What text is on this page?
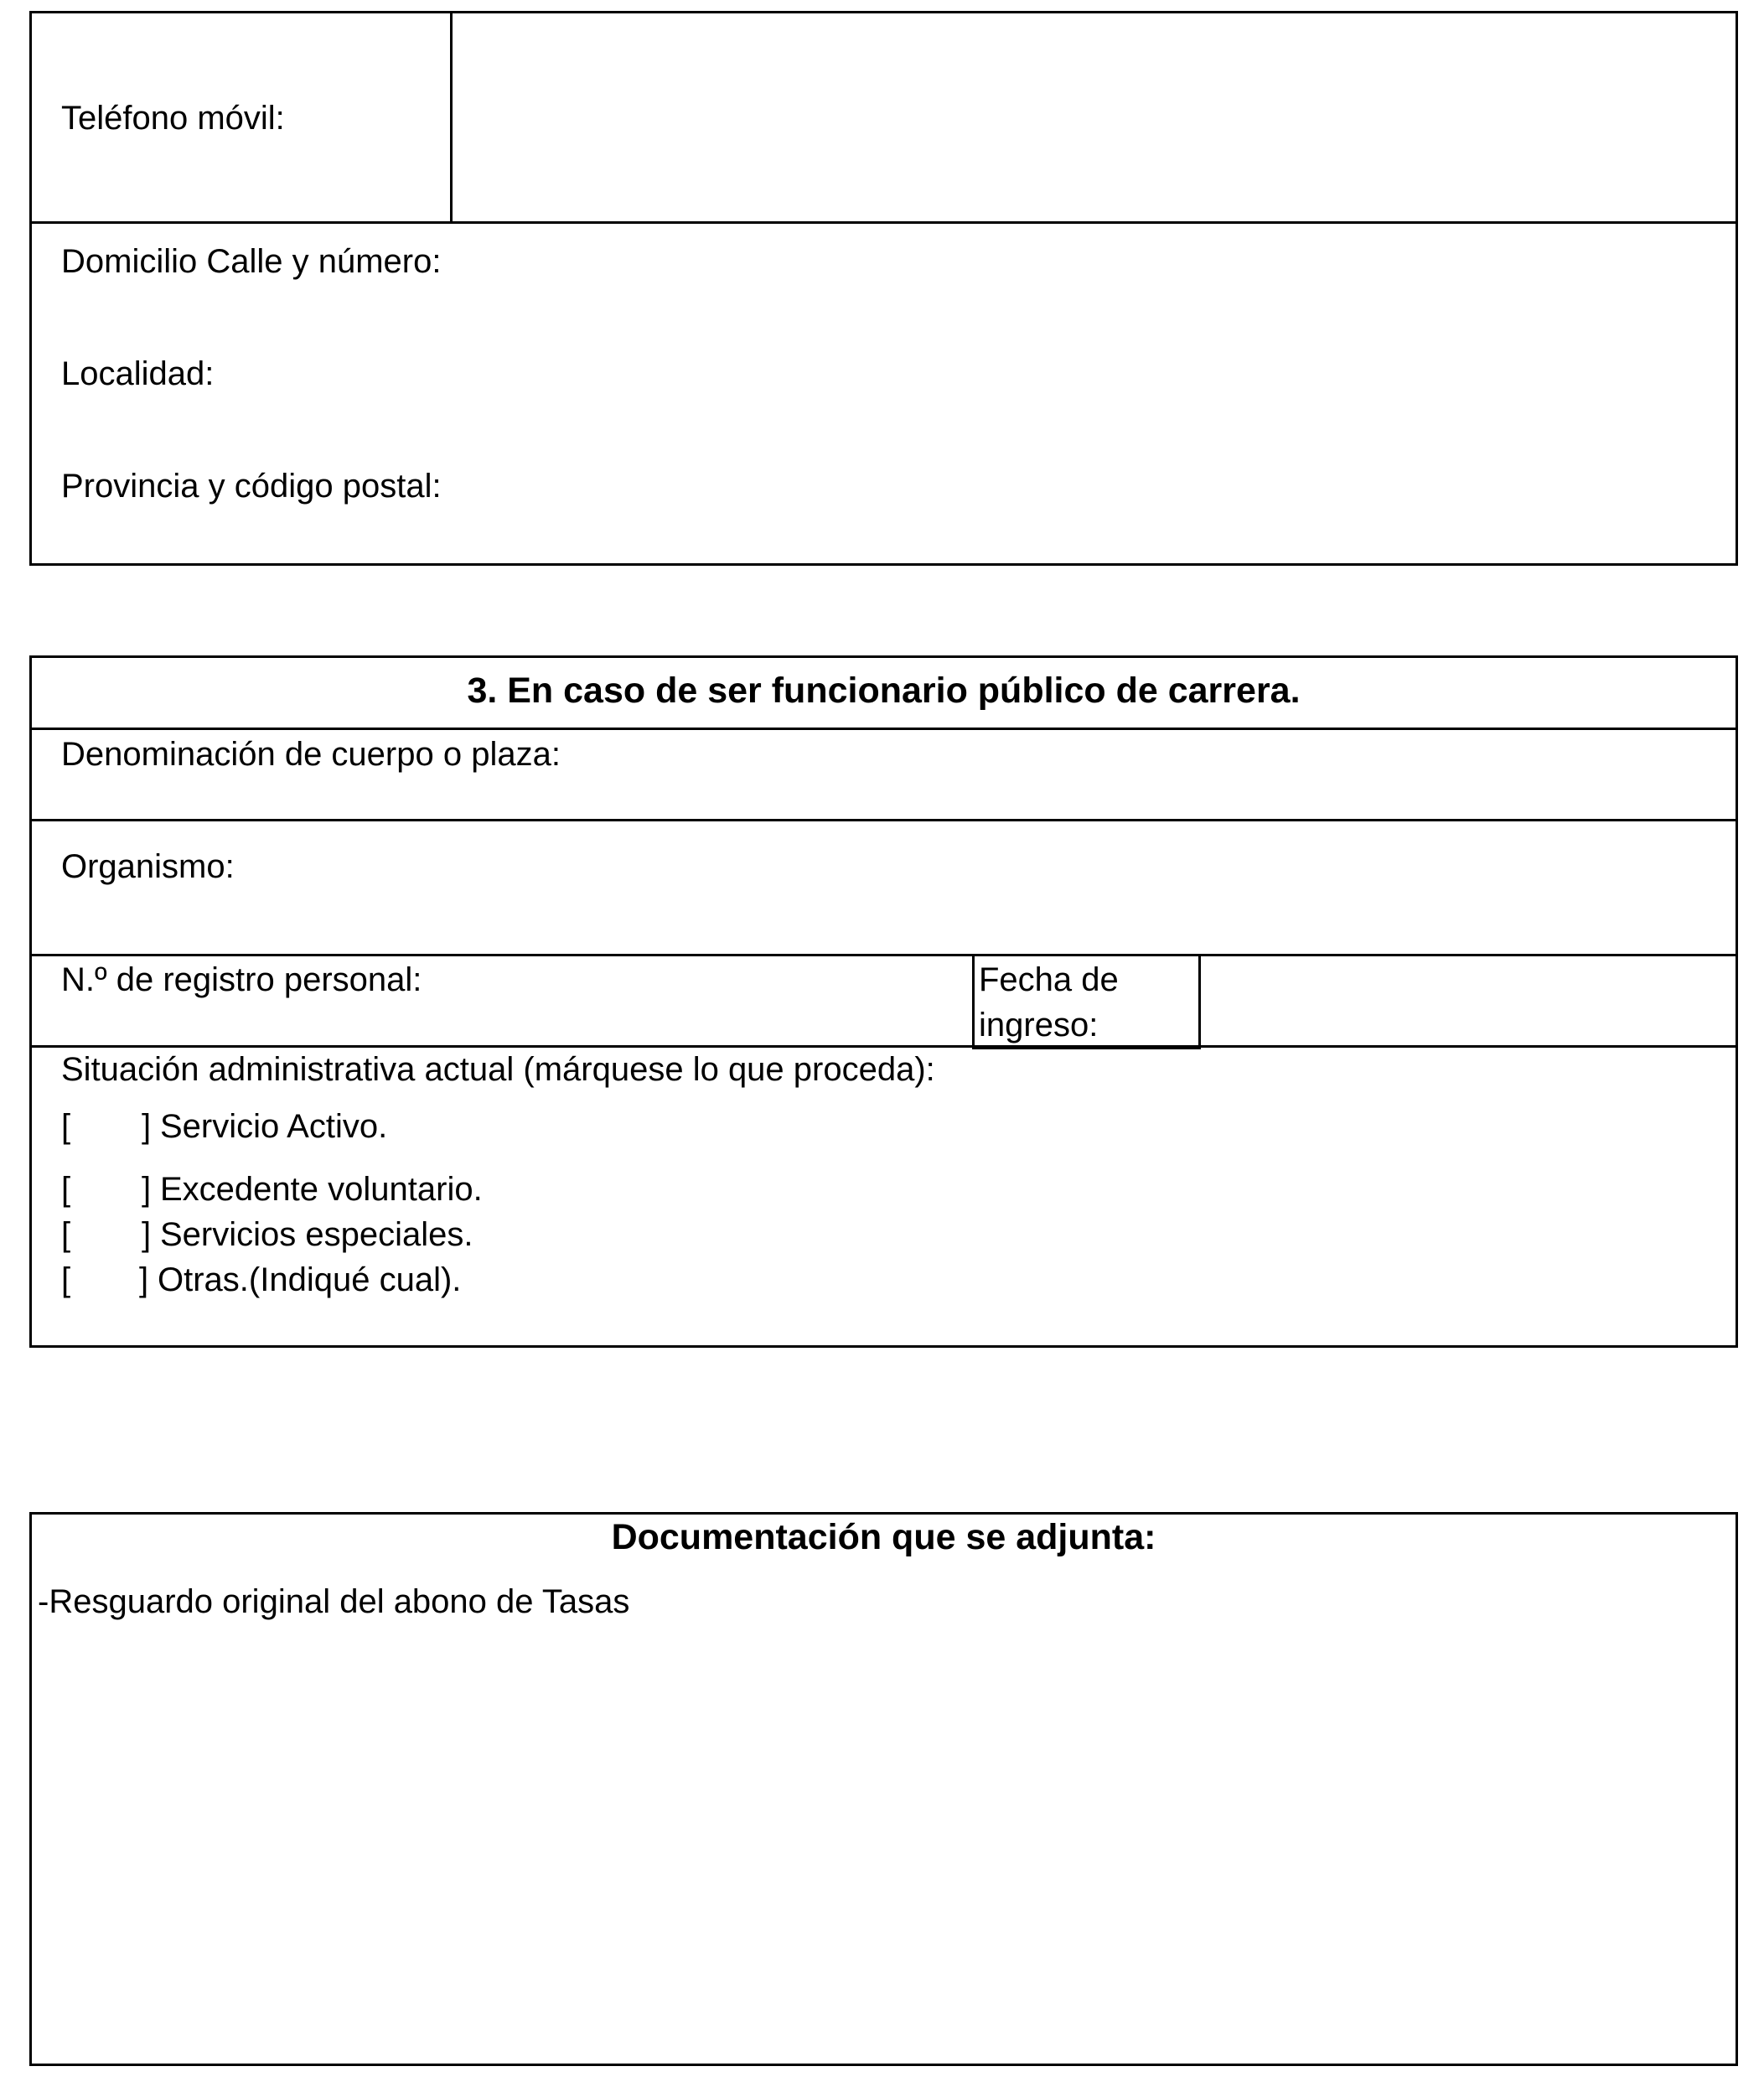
Teléfono móvil:
Domicilio Calle y número:
Localidad:
Provincia y código postal:
3. En caso de ser funcionario público de carrera.
Denominación de cuerpo o plaza:
Organismo:
N.º de registro personal:	Fecha de
ingreso:
Situación administrativa actual (márquese lo que proceda):
[ ] Servicio Activo.
[ ] Excedente voluntario.
[ ] Servicios especiales.
[ ] Otras.(Indiqué cual).
Documentación que se adjunta:
-Resguardo original del abono de Tasas
